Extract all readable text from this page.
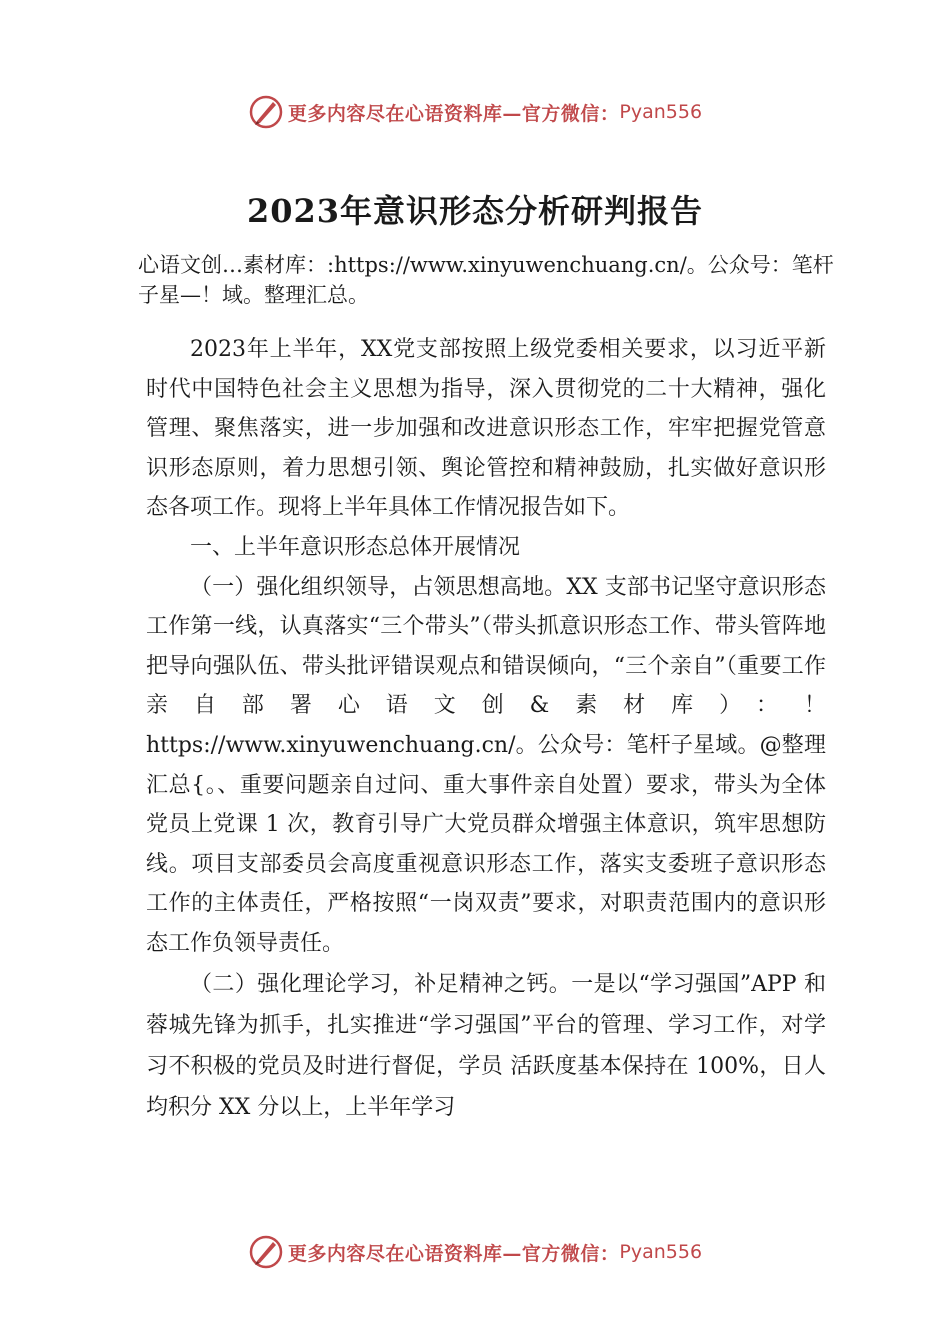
更多内容尽在心语资料库—官方微信： Pyan556
2023年意识形态分析研判报告

心语文创…素材库：:https://www.xinyuwenchuang.cn/。公众号：笔杆子星—！域。整理汇总。

2023年上半年，XX党支部按照上级党委相关要求，以习近平新时代中国特色社会主义思想为指导，深入贯彻党的二十大精神，强化管理、聚焦落实，进一步加强和改进意识形态工作，牢牢把握党管意识形态原则，着力思想引领、舆论管控和精神鼓励，扎实做好意识形态各项工作。现将上半年具体工作情况报告如下。

一、上半年意识形态总体开展情况

（一）强化组织领导，占领思想高地。XX 支部书记坚守意识形态工作第一线，认真落实“三个带头”（带头抓意识形态工作、带头管阵地把导向强队伍、带头批评错误观点和错误倾向，“三个亲自”（重要工作亲自部署心语文创&素材库）：！https://www.xinyuwenchuang.cn/。公众号：笔杆子星域。@整理汇总{。、重要问题亲自过问、重大事件亲自处置）要求，带头为全体党员上党课 1 次，教育引导广大党员群众增强主体意识，筑牢思想防线。项目支部委员会高度重视意识形态工作，落实支委班子意识形态工作的主体责任，严格按照“一岗双责”要求，对职责范围内的意识形态工作负领导责任。

（二）强化理论学习，补足精神之钙。一是以“学习强国”APP 和蓉城先锋为抓手，扎实推进“学习强国”平台的管理、学习工作，对学习不积极的党员及时进行督促，学员 活跃度基本保持在 100%，日人均积分 XX 分以上，上半年学习

更多内容尽在心语资料库—官方微信： Pyan556
